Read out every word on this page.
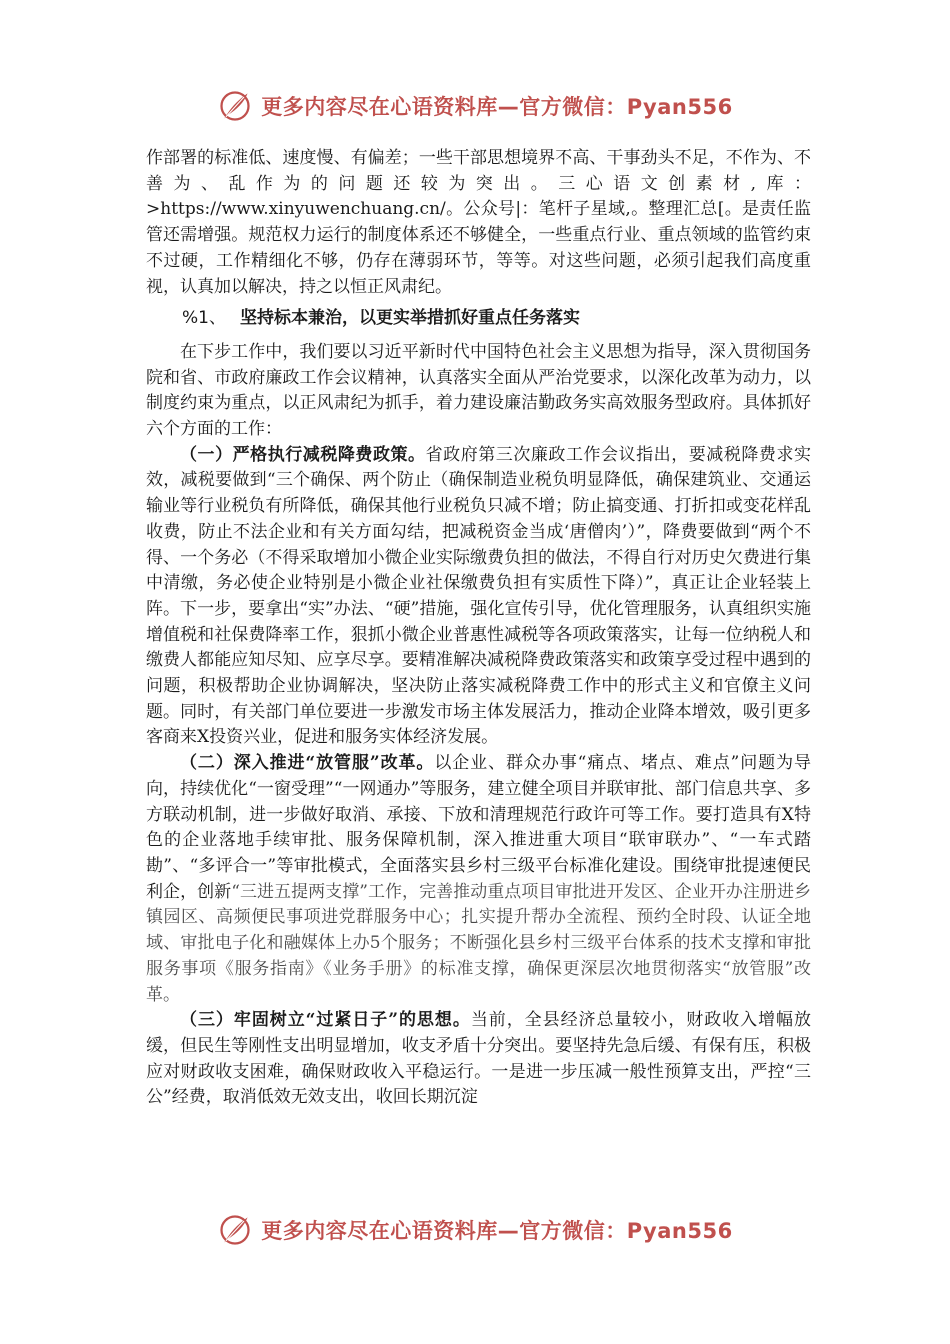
更多内容尽在心语资料库—官方微信：Pyan556

作部署的标准低、速度慢、有偏差；一些干部思想境界不高、干事劲头不足，不作为、不善为、乱作为的问题还较为突出。三心语文创素材,库：>https://www.xinyuwenchuang.cn/。公众号|：笔杆子星域,。整理汇总[。是责任监管还需增强。规范权力运行的制度体系还不够健全，一些重点行业、重点领域的监管约束不过硬，工作精细化不够，仍存在薄弱环节，等等。对这些问题，必须引起我们高度重视，认真加以解决，持之以恒正风肃纪。

%1、 坚持标本兼治，以更实举措抓好重点任务落实

在下步工作中，我们要以习近平新时代中国特色社会主义思想为指导，深入贯彻国务院和省、市政府廉政工作会议精神，认真落实全面从严治党要求，以深化改革为动力，以制度约束为重点，以正风肃纪为抓手，着力建设廉洁勤政务实高效服务型政府。具体抓好六个方面的工作：

（一）严格执行减税降费政策。省政府第三次廉政工作会议指出，要减税降费求实效，减税要做到“三个确保、两个防止（确保制造业税负明显降低，确保建筑业、交通运输业等行业税负有所降低，确保其他行业税负只减不增；防止搞变通、打折扣或变花样乱收费，防止不法企业和有关方面勾结，把减税资金当成‘唐僧肉’）”，降费要做到“两个不得、一个务必（不得采取增加小微企业实际缴费负担的做法，不得自行对历史欠费进行集中清缴，务必使企业特别是小微企业社保缴费负担有实质性下降）”，真正让企业轻装上阵。下一步，要拿出“实”办法、“硬”措施，强化宣传引导，优化管理服务，认真组织实施增值税和社保费降率工作，狠抓小微企业普惠性减税等各项政策落实，让每一位纳税人和缴费人都能应知尽知、应享尽享。要精准解决减税降费政策落实和政策享受过程中遇到的问题，积极帮助企业协调解决，坚决防止落实减税降费工作中的形式主义和官僚主义问题。同时，有关部门单位要进一步激发市场主体发展活力，推动企业降本增效，吸引更多客商来X投资兴业，促进和服务实体经济发展。

（二）深入推进“放管服”改革。以企业、群众办事“痛点、堵点、难点”问题为导向，持续优化“一窗受理”“一网通办”等服务，建立健全项目并联审批、部门信息共享、多方联动机制，进一步做好取消、承接、下放和清理规范行政许可等工作。要打造具有X特色的企业落地手续审批、服务保障机制，深入推进重大项目“联审联办”、“一车式踏勘”、“多评合一”等审批模式，全面落实县乡村三级平台标准化建设。围绕审批提速便民利企，创新“三进五提两支撑”工作，完善推动重点项目审批进开发区、企业开办注册进乡镇园区、高频便民事项进党群服务中心；扎实提升帮办全流程、预约全时段、认证全地域、审批电子化和融媒体上办5个服务；不断强化县乡村三级平台体系的技术支撑和审批服务事项《服务指南》《业务手册》的标准支撑，确保更深层次地贯彻落实“放管服”改革。

（三）牢固树立“过紧日子”的思想。当前，全县经济总量较小，财政收入增幅放缓，但民生等刚性支出明显增加，收支矛盾十分突出。要坚持先急后缓、有保有压，积极应对财政收支困难，确保财政收入平稳运行。一是进一步压减一般性预算支出，严控“三公”经费，取消低效无效支出，收回长期沉淀

更多内容尽在心语资料库—官方微信：Pyan556
